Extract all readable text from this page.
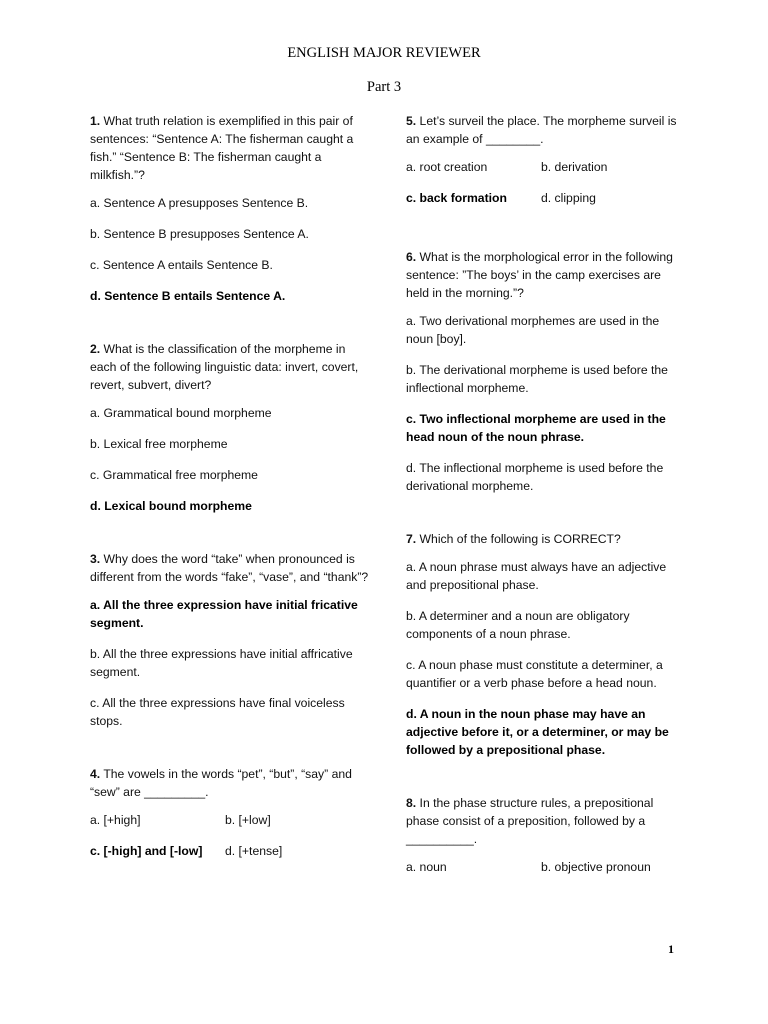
ENGLISH MAJOR REVIEWER
Part 3
1. What truth relation is exemplified in this pair of sentences: “Sentence A: The fisherman caught a fish.” “Sentence B: The fisherman caught a milkfish.”?
a. Sentence A presupposes Sentence B.
b. Sentence B presupposes Sentence A.
c. Sentence A entails Sentence B.
d. Sentence B entails Sentence A.
2. What is the classification of the morpheme in each of the following linguistic data: invert, covert, revert, subvert, divert?
a. Grammatical bound morpheme
b. Lexical free morpheme
c. Grammatical free morpheme
d. Lexical bound morpheme
3. Why does the word “take” when pronounced is different from the words “fake”, “vase”, and “thank”?
a. All the three expression have initial fricative segment.
b. All the three expressions have initial affricative segment.
c. All the three expressions have final voiceless stops.
4. The vowels in the words “pet”, “but”, “say” and “sew” are _________.
a. [+high]	b. [+low]
c. [-high] and [-low]	d. [+tense]
5. Let’s surveil the place. The morpheme surveil is an example of ________.
a. root creation	b. derivation
c. back formation	d. clipping
6. What is the morphological error in the following sentence: ”The boys’ in the camp exercises are held in the morning.”?
a. Two derivational morphemes are used in the noun [boy].
b. The derivational morpheme is used before the inflectional morpheme.
c. Two inflectional morpheme are used in the head noun of the noun phrase.
d. The inflectional morpheme is used before the derivational morpheme.
7. Which of the following is CORRECT?
a. A noun phrase must always have an adjective and prepositional phase.
b. A determiner and a noun are obligatory components of a noun phrase.
c. A noun phase must constitute a determiner, a quantifier or a verb phase before a head noun.
d. A noun in the noun phase may have an adjective before it, or a determiner, or may be followed by a prepositional phase.
8. In the phase structure rules, a prepositional phase consist of a preposition, followed by a __________.
a. noun	b. objective pronoun
1
